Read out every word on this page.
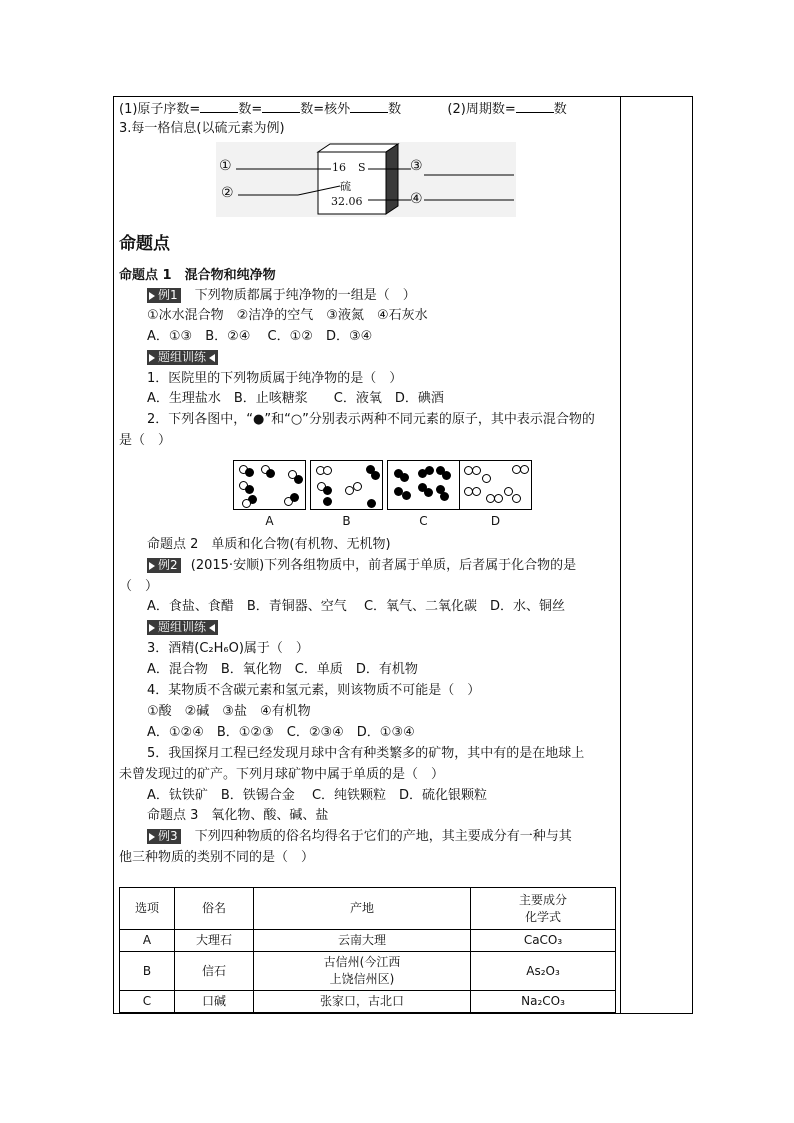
(1)原子序数=	数=	数=核外	数	(2)周期数=	数
3.每一格信息(以硫元素为例)
①
②
③
④
16 S
硫
32.06
命题点
命题点 1　混合物和纯净物
例1 下列物质都属于纯净物的一组是（　）
①冰水混合物　②洁净的空气　③液氮　④石灰水
A．①③　B．②④　 C．①②　D．③④
题组训练
1．医院里的下列物质属于纯净物的是（　）
A．生理盐水　B．止咳糖浆　　C．液氧　D．碘酒
2．下列各图中，“●”和“○”分别表示两种不同元素的原子，其中表示混合物的
是（　）
A	B	C	D
命题点 2　单质和化合物(有机物、无机物)
例2 (2015·安顺)下列各组物质中，前者属于单质，后者属于化合物的是
（　）
A．食盐、食醋　B．青铜器、空气　 C．氧气、二氧化碳　D．水、铜丝
题组训练
3．酒精(C₂H₆O)属于（　）
A．混合物　B．氧化物　C．单质　D．有机物
4．某物质不含碳元素和氢元素，则该物质不可能是（　）
①酸　②碱　③盐　④有机物
A．①②④　B．①②③　C．②③④　D．①③④
5．我国探月工程已经发现月球中含有种类繁多的矿物，其中有的是在地球上
未曾发现过的矿产。下列月球矿物中属于单质的是（　）
A．钛铁矿　B．铁锡合金　 C．纯铁颗粒　D．硫化银颗粒
命题点 3　氧化物、酸、碱、盐
例3 下列四种物质的俗名均得名于它们的产地，其主要成分有一种与其
他三种物质的类别不同的是（　）
选项	俗名	产地	主要成分
化学式
A	大理石	云南大理	CaCO₃
B	信石	古信州(今江西
上饶信州区)	As₂O₃
C	口碱	张家口，古北口	Na₂CO₃
